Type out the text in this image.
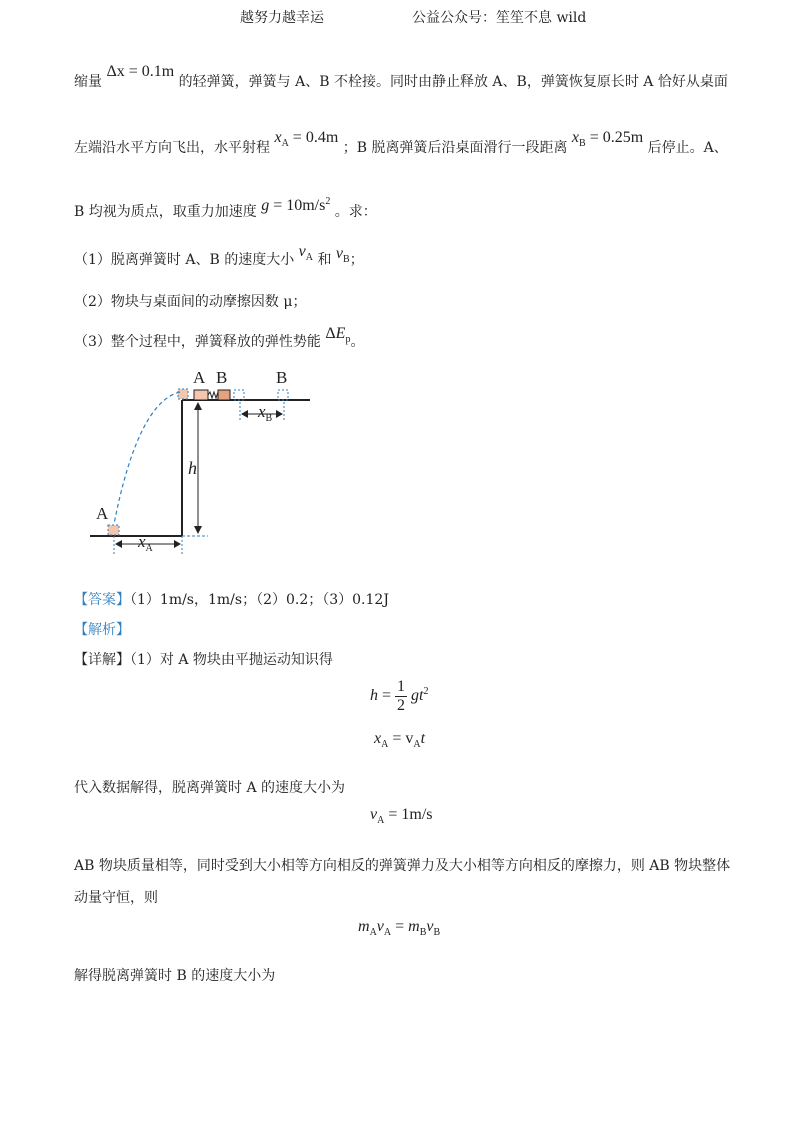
越努力越幸运	公益公众号：笙笙不息 wild
缩量 Δx = 0.1m 的轻弹簧，弹簧与 A、B 不栓接。同时由静止释放 A、B，弹簧恢复原长时 A 恰好从桌面
左端沿水平方向飞出，水平射程 $x_A = 0.4m$ ；B 脱离弹簧后沿桌面滑行一段距离 $x_B = 0.25m$ 后停止。A、
B 均视为质点，取重力加速度 $g = 10m/s^2$ 。求：
（1）脱离弹簧时 A、B 的速度大小 $v_A$ 和 $v_B$；
（2）物块与桌面间的动摩擦因数 μ；
（3）整个过程中，弹簧释放的弹性势能 $\Delta E_p$。
A B	B
A
h
$x_B$
$x_A$
【答案】（1）1m/s，1m/s；（2）0.2；（3）0.12J
【解析】
【详解】（1）对 A 物块由平抛运动知识得
$h = \frac{1}{2} gt^2$
$x_A = v_At$
代入数据解得，脱离弹簧时 A 的速度大小为
$v_A = 1m/s$
AB 物块质量相等，同时受到大小相等方向相反的弹簧弹力及大小相等方向相反的摩擦力，则 AB 物块整体
动量守恒，则
$m_Av_A = m_Bv_B$
解得脱离弹簧时 B 的速度大小为
